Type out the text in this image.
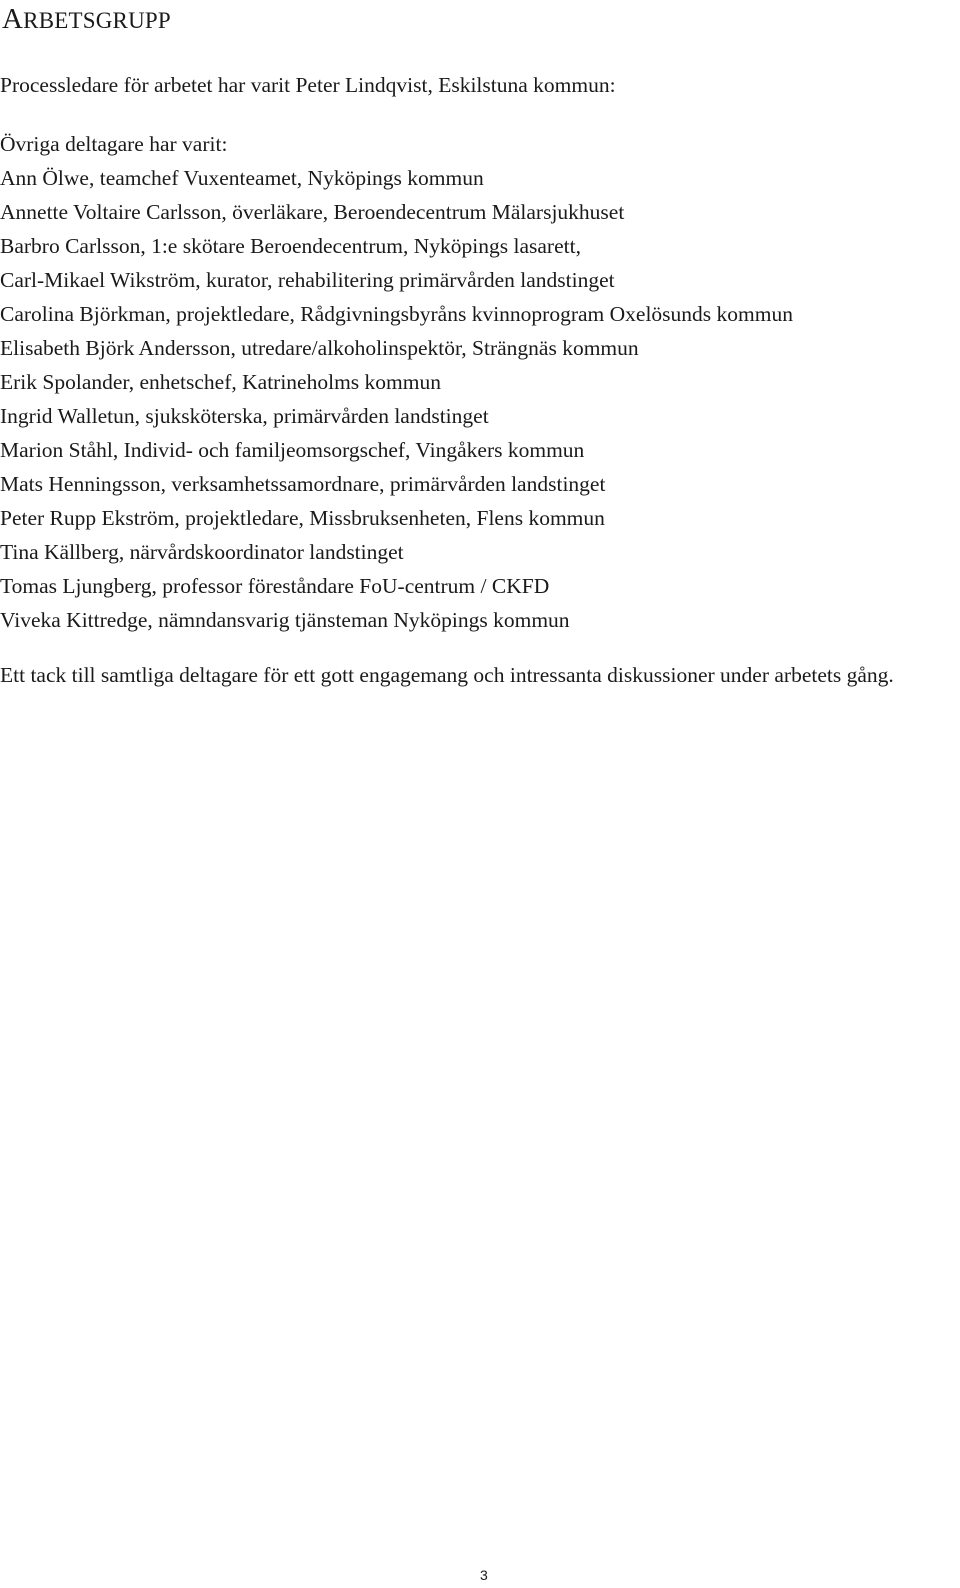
ARBETSGRUPP

Processledare för arbetet har varit Peter Lindqvist, Eskilstuna kommun:

Övriga deltagare har varit:
Ann Ölwe, teamchef Vuxenteamet, Nyköpings kommun
Annette Voltaire Carlsson, överläkare, Beroendecentrum Mälarsjukhuset
Barbro Carlsson, 1:e skötare Beroendecentrum, Nyköpings lasarett,
Carl-Mikael Wikström, kurator, rehabilitering primärvården landstinget
Carolina Björkman, projektledare, Rådgivningsbyråns kvinnoprogram Oxelösunds kommun
Elisabeth Björk Andersson, utredare/alkoholinspektör, Strängnäs kommun
Erik Spolander, enhetschef, Katrineholms kommun
Ingrid Walletun, sjuksköterska, primärvården landstinget
Marion Ståhl, Individ- och familjeomsorgschef, Vingåkers kommun
Mats Henningsson, verksamhetssamordnare, primärvården landstinget
Peter Rupp Ekström, projektledare, Missbruksenheten, Flens kommun
Tina Källberg, närvårdskoordinator landstinget
Tomas Ljungberg, professor föreståndare FoU-centrum / CKFD
Viveka Kittredge, nämndansvarig tjänsteman Nyköpings kommun

Ett tack till samtliga deltagare för ett gott engagemang och intressanta diskussioner under arbetets gång.

3
